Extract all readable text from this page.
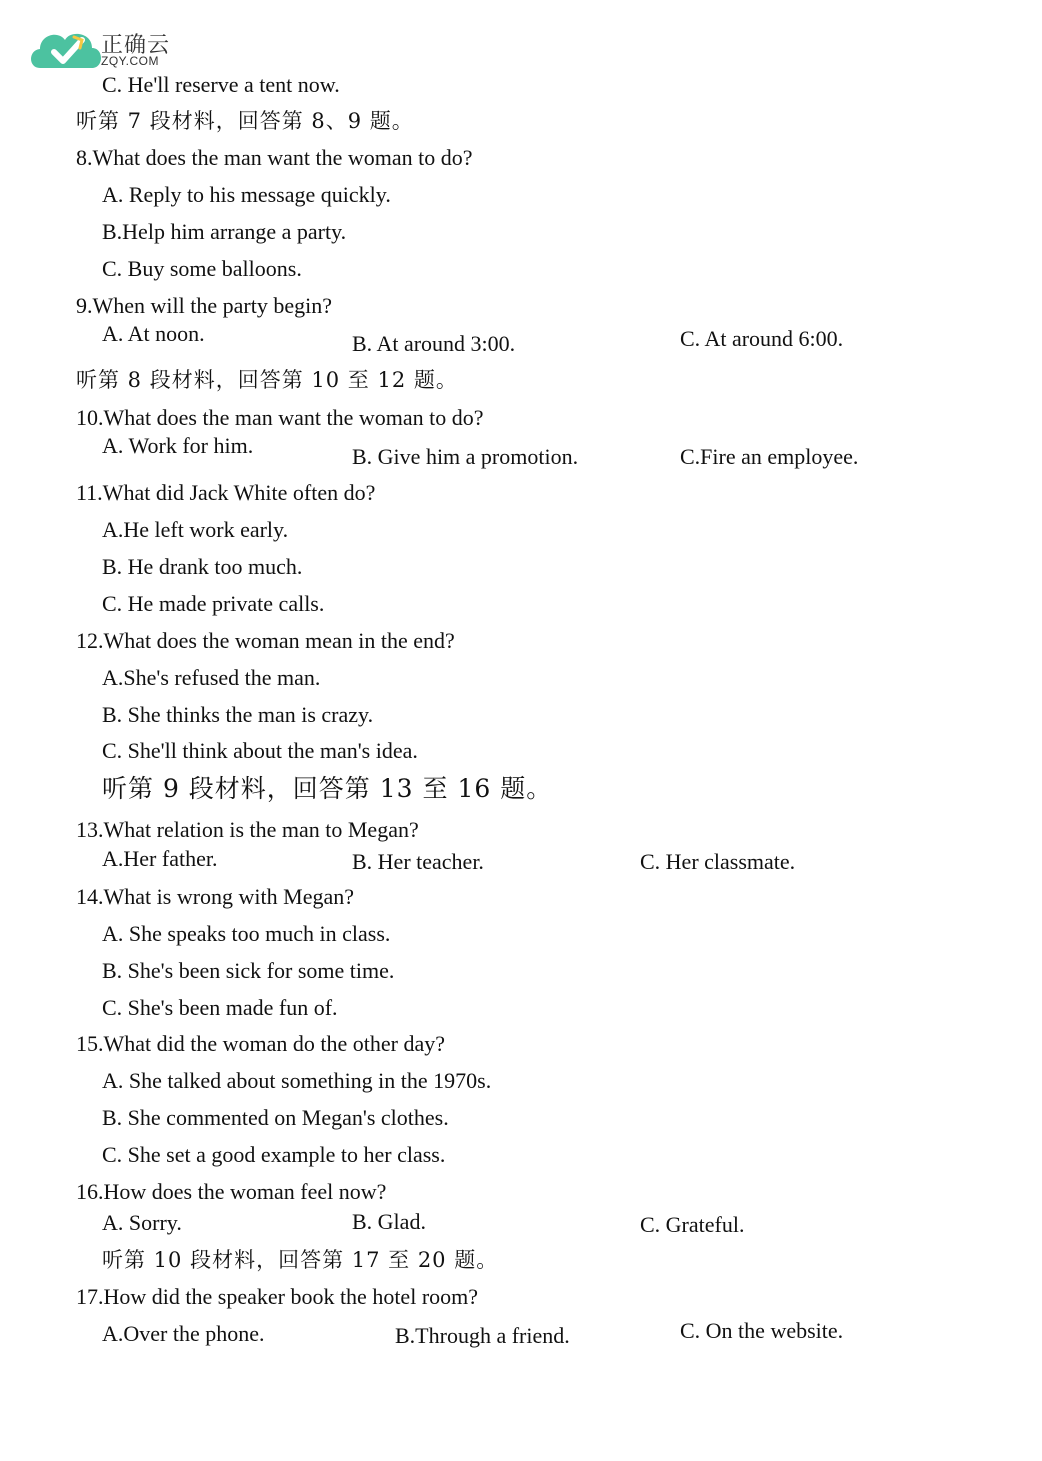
正确云
ZQY.COM
C. He'll reserve a tent now.
听第 7 段材料，回答第 8、9 题。
8.What does the man want the woman to do?
A. Reply to his message quickly.
B.Help him arrange a party.
C. Buy some balloons.
9.When will the party begin?
A. At noon.	B. At around 3:00.	C. At around 6:00.
听第 8 段材料，回答第 10 至 12 题。
10.What does the man want the woman to do?
A. Work for him.	B. Give him a promotion.	C.Fire an employee.
11.What did Jack White often do?
A.He left work early.
B. He drank too much.
C. He made private calls.
12.What does the woman mean in the end?
A.She's refused the man.
B. She thinks the man is crazy.
C. She'll think about the man's idea.
听第 9 段材料，回答第 13 至 16 题。
13.What relation is the man to Megan?
A.Her father.	B. Her teacher.	C. Her classmate.
14.What is wrong with Megan?
A. She speaks too much in class.
B. She's been sick for some time.
C. She's been made fun of.
15.What did the woman do the other day?
A. She talked about something in the 1970s.
B. She commented on Megan's clothes.
C. She set a good example to her class.
16.How does the woman feel now?
A. Sorry.	B. Glad.	C. Grateful.
听第 10 段材料，回答第 17 至 20 题。
17.How did the speaker book the hotel room?
A.Over the phone.	B.Through a friend.	C. On the website.
